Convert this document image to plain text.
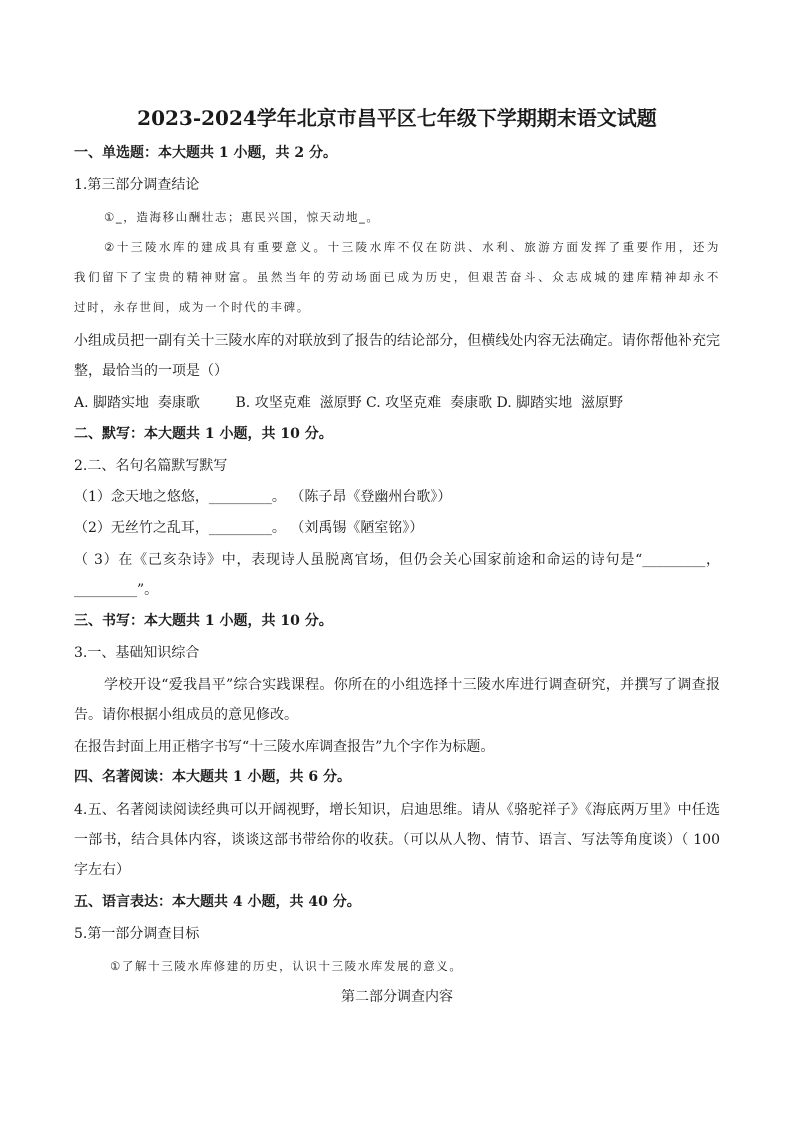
2023-2024学年北京市昌平区七年级下学期期末语文试题
一、单选题：本大题共 1 小题，共 2 分。
1.第三部分调查结论
①_，造海移山酬壮志；惠民兴国，惊天动地_。
②十三陵水库的建成具有重要意义。十三陵水库不仅在防洪、水利、旅游方面发挥了重要作用，还为
我们留下了宝贵的精神财富。虽然当年的劳动场面已成为历史，但艰苦奋斗、众志成城的建库精神却永不
过时，永存世间，成为一个时代的丰碑。
小组成员把一副有关十三陵水库的对联放到了报告的结论部分，但横线处内容无法确定。请你帮他补充完
整，最恰当的一项是（）
A. 脚踏实地  奏康歌        B. 攻坚克难  滋原野 C. 攻坚克难  奏康歌 D. 脚踏实地  滋原野
二、默写：本大题共 1 小题，共 10 分。
2.二、名句名篇默写默写
（1）念天地之悠悠，_________。 （陈子昂《登幽州台歌》）
（2）无丝竹之乱耳，_________。 （刘禹锡《陋室铭》）
（ 3）在《己亥杂诗》中，表现诗人虽脱离官场，但仍会关心国家前途和命运的诗句是“_________，
_________”。
三、书写：本大题共 1 小题，共 10 分。
3.一、基础知识综合
学校开设“爱我昌平”综合实践课程。你所在的小组选择十三陵水库进行调查研究，并撰写了调查报
告。请你根据小组成员的意见修改。
在报告封面上用正楷字书写“十三陵水库调查报告”九个字作为标题。
四、名著阅读：本大题共 1 小题，共 6 分。
4.五、名著阅读阅读经典可以开阔视野，增长知识，启迪思维。请从《骆驼祥子》《海底两万里》中任选
一部书，结合具体内容，谈谈这部书带给你的收获。（可以从人物、情节、语言、写法等角度谈）（ 100
字左右）
五、语言表达：本大题共 4 小题，共 40 分。
5.第一部分调查目标
①了解十三陵水库修建的历史，认识十三陵水库发展的意义。
第二部分调查内容
